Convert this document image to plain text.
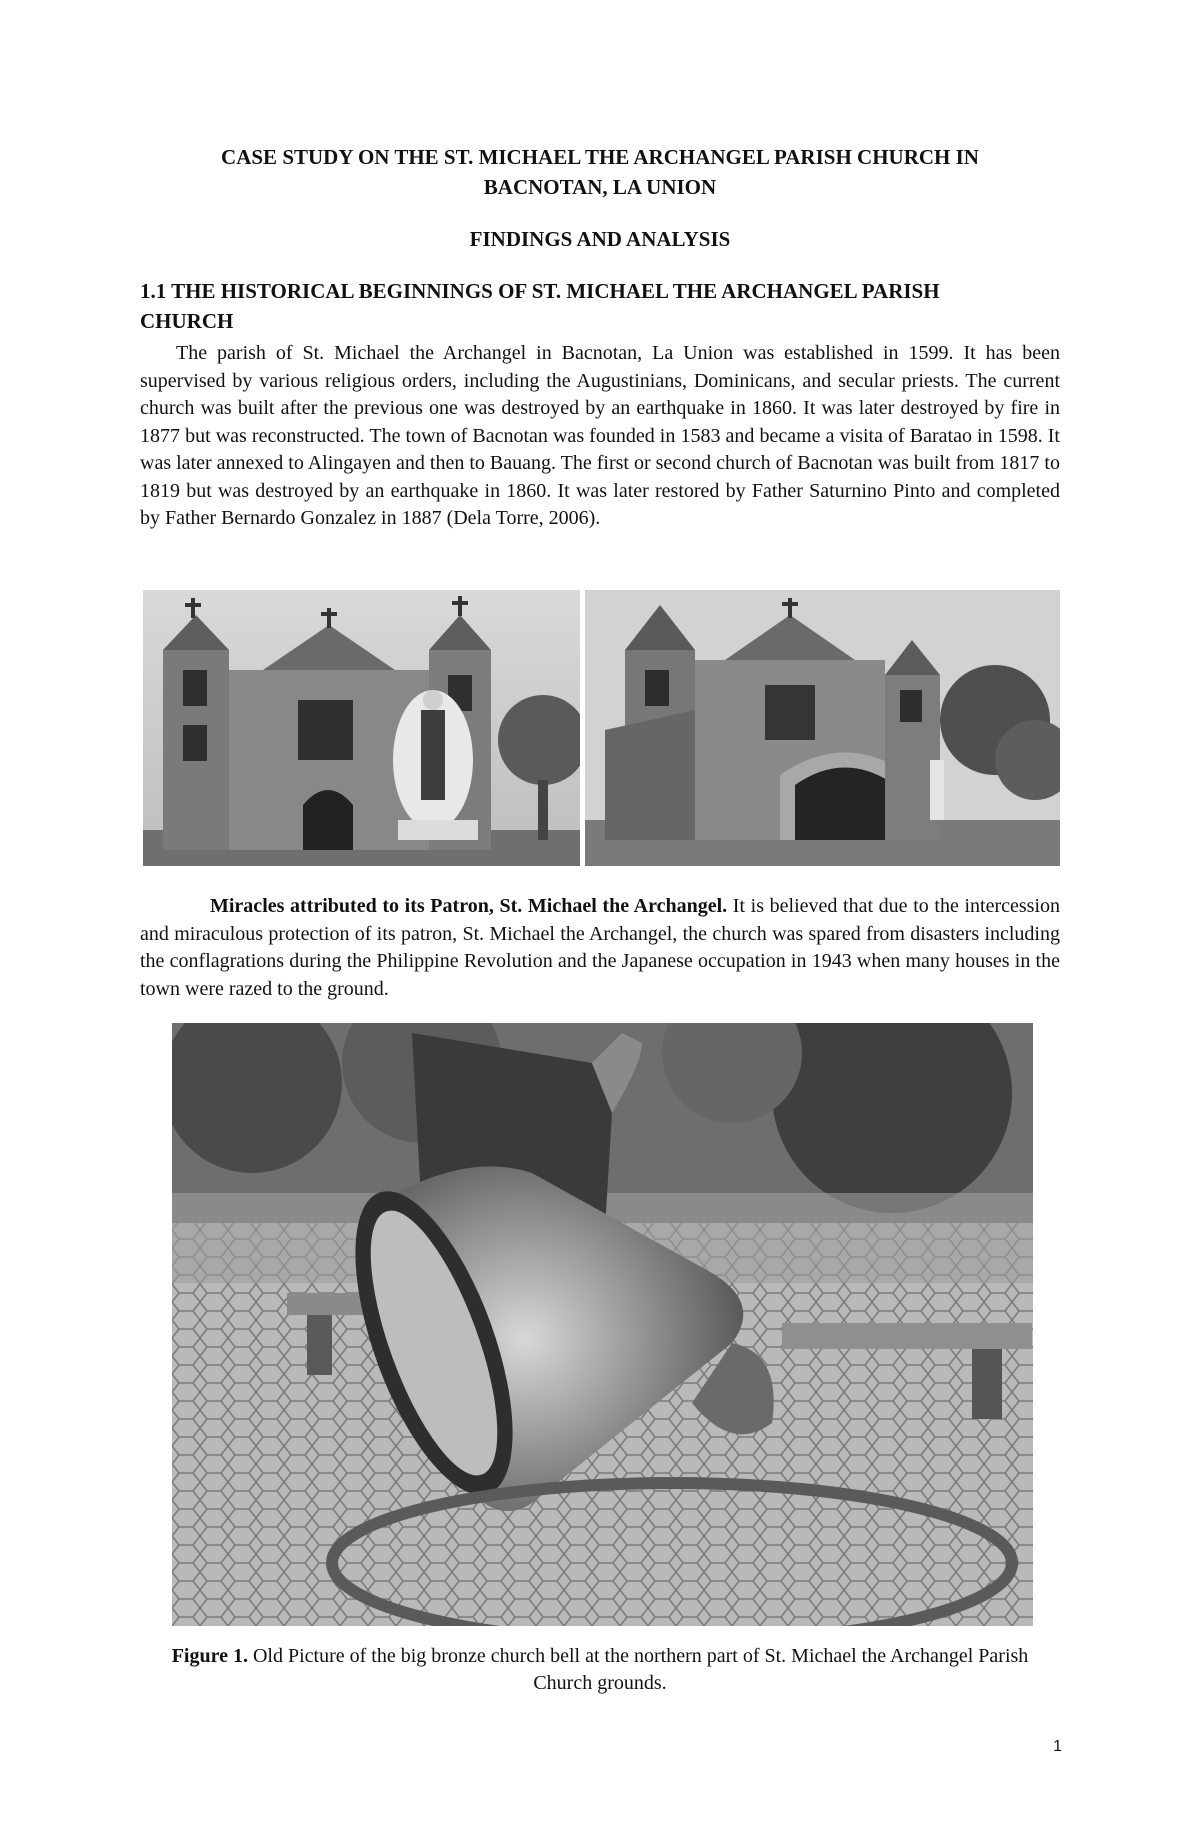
CASE STUDY ON THE ST. MICHAEL THE ARCHANGEL PARISH CHURCH IN
BACNOTAN, LA UNION
FINDINGS AND ANALYSIS
1.1 THE HISTORICAL BEGINNINGS OF ST. MICHAEL THE ARCHANGEL PARISH
CHURCH

The parish of St. Michael the Archangel in Bacnotan, La Union was established in 1599. It has been supervised by various religious orders, including the Augustinians, Dominicans, and secular priests. The current church was built after the previous one was destroyed by an earthquake in 1860. It was later destroyed by fire in 1877 but was reconstructed. The town of Bacnotan was founded in 1583 and became a visita of Baratao in 1598. It was later annexed to Alingayen and then to Bauang. The first or second church of Bacnotan was built from 1817 to 1819 but was destroyed by an earthquake in 1860. It was later restored by Father Saturnino Pinto and completed by Father Bernardo Gonzalez in 1887 (Dela Torre, 2006).

Miracles attributed to its Patron, St. Michael the Archangel. It is believed that due to the intercession and miraculous protection of its patron, St. Michael the Archangel, the church was spared from disasters including the conflagrations during the Philippine Revolution and the Japanese occupation in 1943 when many houses in the town were razed to the ground.

Figure 1. Old Picture of the big bronze church bell at the northern part of St. Michael the Archangel Parish Church grounds.
1
